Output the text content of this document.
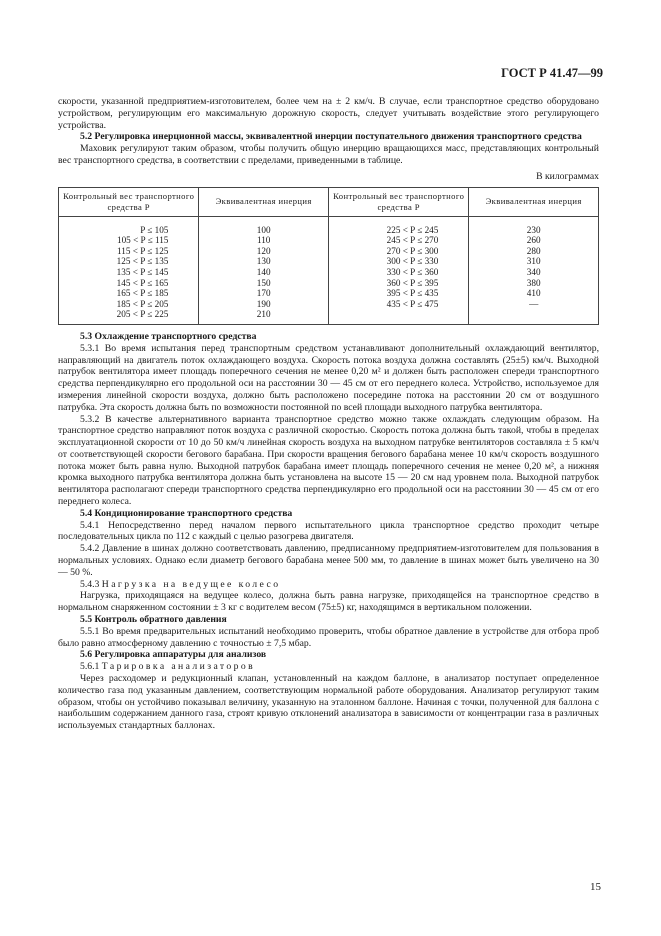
ГОСТ Р 41.47—99

скорости, указанной предприятием-изготовителем, более чем на ± 2 км/ч. В случае, если транспортное средство оборудовано устройством, регулирующим его максимальную дорожную скорость, следует учитывать воздействие этого регулирующего устройства.

5.2 Регулировка инерционной массы, эквивалентной инерции поступательного движения транспортного средства

Маховик регулируют таким образом, чтобы получить общую инерцию вращающихся масс, представляющих контрольный вес транспортного средства, в соответствии с пределами, приведенными в таблице.

В килограммах

Контрольный вес транспортного средства P	Эквивалентная инерция	Контрольный вес транспортного средства P	Эквивалентная инерция
P ≤ 105	100	225 < P ≤ 245	230
105 < P ≤ 115	110	245 < P ≤ 270	260
115 < P ≤ 125	120	270 < P ≤ 300	280
125 < P ≤ 135	130	300 < P ≤ 330	310
135 < P ≤ 145	140	330 < P ≤ 360	340
145 < P ≤ 165	150	360 < P ≤ 395	380
165 < P ≤ 185	170	395 < P ≤ 435	410
185 < P ≤ 205	190	435 < P ≤ 475	—
205 < P ≤ 225	210		

5.3 Охлаждение транспортного средства

5.3.1 Во время испытания перед транспортным средством устанавливают дополнительный охлаждающий вентилятор, направляющий на двигатель поток охлаждающего воздуха. Скорость потока воздуха должна составлять (25±5) км/ч. Выходной патрубок вентилятора имеет площадь поперечного сечения не менее 0,20 м² и должен быть расположен спереди транспортного средства перпендикулярно его продольной оси на расстоянии 30 — 45 см от его переднего колеса. Устройство, используемое для измерения линейной скорости воздуха, должно быть расположено посередине потока на расстоянии 20 см от воздушного патрубка. Эта скорость должна быть по возможности постоянной по всей площади выходного патрубка вентилятора.

5.3.2 В качестве альтернативного варианта транспортное средство можно также охлаждать следующим образом. На транспортное средство направляют поток воздуха с различной скоростью. Скорость потока должна быть такой, чтобы в пределах эксплуатационной скорости от 10 до 50 км/ч линейная скорость воздуха на выходном патрубке вентиляторов составляла ± 5 км/ч от соответствующей скорости бегового барабана. При скорости вращения бегового барабана менее 10 км/ч скорость воздушного потока может быть равна нулю. Выходной патрубок барабана имеет площадь поперечного сечения не менее 0,20 м², а нижняя кромка выходного патрубка вентилятора должна быть установлена на высоте 15 — 20 см над уровнем пола. Выходной патрубок вентилятора располагают спереди транспортного средства перпендикулярно его продольной оси на расстоянии 30 — 45 см от его переднего колеса.

5.4 Кондиционирование транспортного средства

5.4.1 Непосредственно перед началом первого испытательного цикла транспортное средство проходит четыре последовательных цикла по 112 с каждый с целью разогрева двигателя.

5.4.2 Давление в шинах должно соответствовать давлению, предписанному предприятием-изготовителем для пользования в нормальных условиях. Однако если диаметр бегового барабана менее 500 мм, то давление в шинах может быть увеличено на 30 — 50 %.

5.4.3 Нагрузка на ведущее колесо

Нагрузка, приходящаяся на ведущее колесо, должна быть равна нагрузке, приходящейся на транспортное средство в нормальном снаряженном состоянии ± 3 кг с водителем весом (75±5) кг, находящимся в вертикальном положении.

5.5 Контроль обратного давления

5.5.1 Во время предварительных испытаний необходимо проверить, чтобы обратное давление в устройстве для отбора проб было равно атмосферному давлению с точностью ± 7,5 мбар.

5.6 Регулировка аппаратуры для анализов

5.6.1 Тарировка анализаторов

Через расходомер и редукционный клапан, установленный на каждом баллоне, в анализатор поступает определенное количество газа под указанным давлением, соответствующим нормальной работе оборудования. Анализатор регулируют таким образом, чтобы он устойчиво показывал величину, указанную на эталонном баллоне. Начиная с точки, полученной для баллона с наибольшим содержанием данного газа, строят кривую отклонений анализатора в зависимости от концентрации газа в различных используемых стандартных баллонах.

15
